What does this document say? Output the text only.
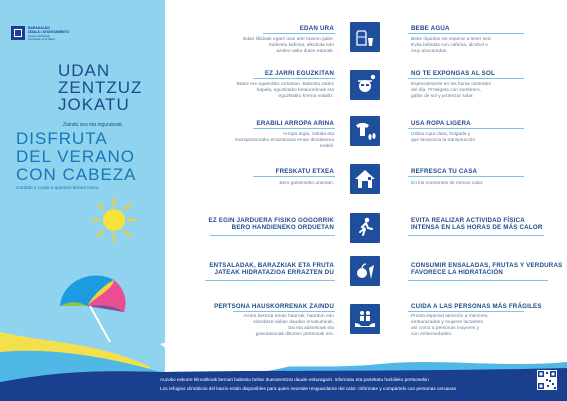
BARAKALDO
UDALA / AYUNTAMIENTO
Osasun Zerbitzuak
Prevención de la Salud
UDAN
ZENTZUZ
JOKATU
Zaindu zeu eta ingurukoak
DISFRUTA
DEL VERANO
CON CABEZA
Cuídate y cuida a quienes tienes cerca
EDAN URA
Edan likidoak egarri izan arte itxaron gabe.
Saihestu kafeina, alkohola edo
azukre asko duten edariak.
BEBE AGUA
Bebe líquidos sin esperar a tener sed.
Evita bebidas con cafeína, alcohol o
muy azucaradas.
EZ JARRI EGUZKITAN
Batez ere eguerdiko orduetan. Babestu zaitez
kapela, eguzkitako betaurrekoak eta
eguzkitako krema erabiliz.
NO TE EXPONGAS AL SOL
Especialmente en las horas centrales
del día. Protégete con sombrero,
gafas de sol y protector solar.
ERABILI ARROPA ARINA
Arropa argia, zabala eta
transpiraziorako erraztasuna eman dezakeena erabili.
USA ROPA LIGERA
Utiliza ropa clara, holgada y
que favorezca la transpiración
FRESKATU ETXEA
Bero gutxieneko uneetan.
REFRESCA TU CASA
En los momentos de menos calor.
EZ EGIN JARDUERA FISIKO GOGORRIK
BERO HANDIENEKO ORDUETAN
EVITA REALIZAR ACTIVIDAD FÍSICA
INTENSA EN LAS HORAS DE MÁS CALOR
ENTSALADAK, BARAZKIAK ETA FRUTA
JATEAK HIDRATAZIOA ERRAZTEN DU
CONSUMIR ENSALADAS, FRUTAS Y VERDURAS
FAVORECE LA HIDRATACIÓN
PERTSONA HAUSKORRENAK ZAINDU
Arreta berezia eman haurrak, haurdun edo
edoskitze-aldian dauden emakumeak,
bai eta adinekoak eta
gaixotasunak dituzten pertsonak ere.
CUIDA A LAS PERSONAS MÁS FRÁGILES
Presta especial atención a menores,
embarazadas y mujeres lactantes,
así como a personas mayores y
con enfermedades.
Auzoko eskurre klimatikoak beroari babestu behar duenarentzat daude eskuragarri. Informatu eta partekatu hurbileko pertsonekin
Los refugios climáticos del barrio están disponibles para quien necesite resguardarse del calor. Infórmate y compártelo con personas cercanas
